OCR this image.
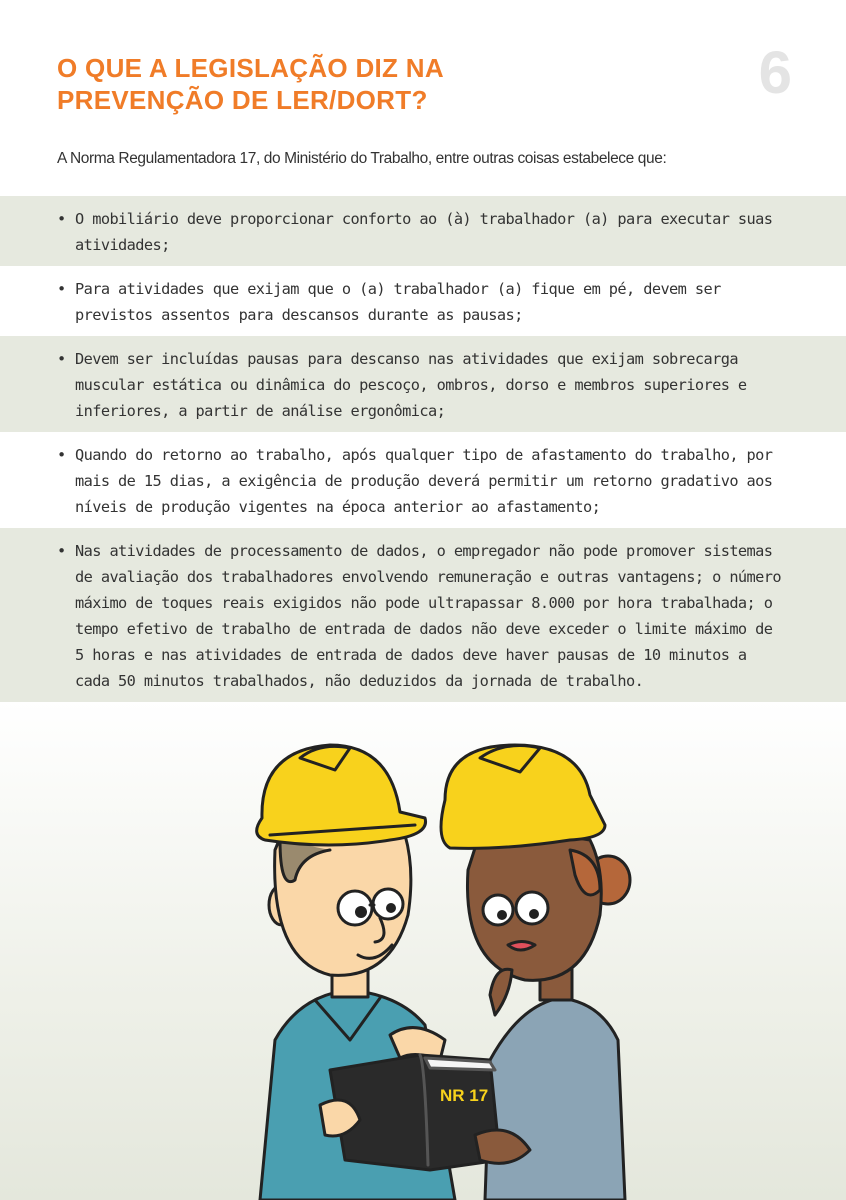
O QUE A LEGISLAÇÃO DIZ NA
PREVENÇÃO DE LER/DORT?	6

A Norma Regulamentadora 17, do Ministério do Trabalho, entre outras coisas estabelece que:

• O mobiliário deve proporcionar conforto ao (à) trabalhador (a) para executar suas atividades;
• Para atividades que exijam que o (a) trabalhador (a) fique em pé, devem ser previstos assentos para descansos durante as pausas;
• Devem ser incluídas pausas para descanso nas atividades que exijam sobrecarga muscular estática ou dinâmica do pescoço, ombros, dorso e membros superiores e inferiores, a partir de análise ergonômica;
• Quando do retorno ao trabalho, após qualquer tipo de afastamento do trabalho, por mais de 15 dias, a exigência de produção deverá permitir um retorno gradativo aos níveis de produção vigentes na época anterior ao afastamento;
• Nas atividades de processamento de dados, o empregador não pode promover sistemas de avaliação dos trabalhadores envolvendo remuneração e outras vantagens; o número máximo de toques reais exigidos não pode ultrapassar 8.000 por hora trabalhada; o tempo efetivo de trabalho de entrada de dados não deve exceder o limite máximo de 5 horas e nas atividades de entrada de dados deve haver pausas de 10 minutos a cada 50 minutos trabalhados, não deduzidos da jornada de trabalho.
NR 17
